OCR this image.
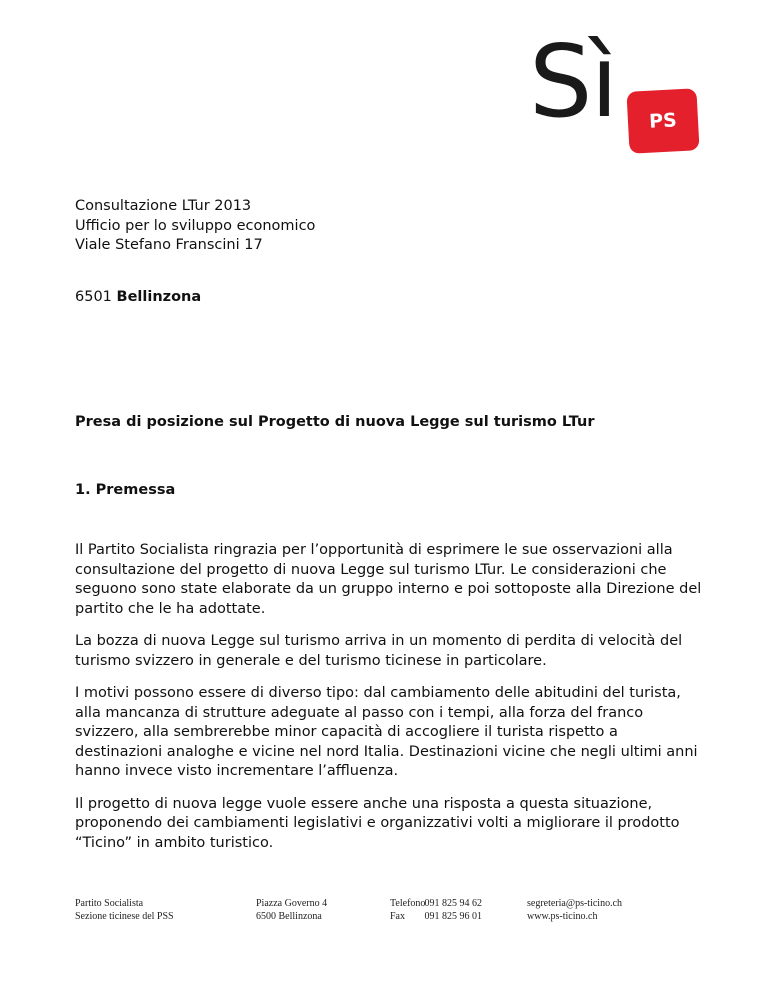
Sì	PS
Consultazione LTur 2013
Ufficio per lo sviluppo economico
Viale Stefano Franscini 17
6501 Bellinzona
Presa di posizione sul Progetto di nuova Legge sul turismo LTur
1. Premessa

Il Partito Socialista ringrazia per l’opportunità di esprimere le sue osservazioni alla
consultazione del progetto di nuova Legge sul turismo LTur. Le considerazioni che
seguono sono state elaborate da un gruppo interno e poi sottoposte alla Direzione del
partito che le ha adottate.

La bozza di nuova Legge sul turismo arriva in un momento di perdita di velocità del
turismo svizzero in generale e del turismo ticinese in particolare.

I motivi possono essere di diverso tipo: dal cambiamento delle abitudini del turista,
alla mancanza di strutture adeguate al passo con i tempi, alla forza del franco
svizzero, alla sembrerebbe minor capacità di accogliere il turista rispetto a
destinazioni analoghe e vicine nel nord Italia. Destinazioni vicine che negli ultimi anni
hanno invece visto incrementare l’affluenza.

Il progetto di nuova legge vuole essere anche una risposta a questa situazione,
proponendo dei cambiamenti legislativi e organizzativi volti a migliorare il prodotto
“Ticino” in ambito turistico.

Partito Socialista
Sezione ticinese del PSS
Piazza Governo 4
6500 Bellinzona
Telefono 091 825 94 62
Fax 091 825 96 01
segreteria@ps-ticino.ch
www.ps-ticino.ch
